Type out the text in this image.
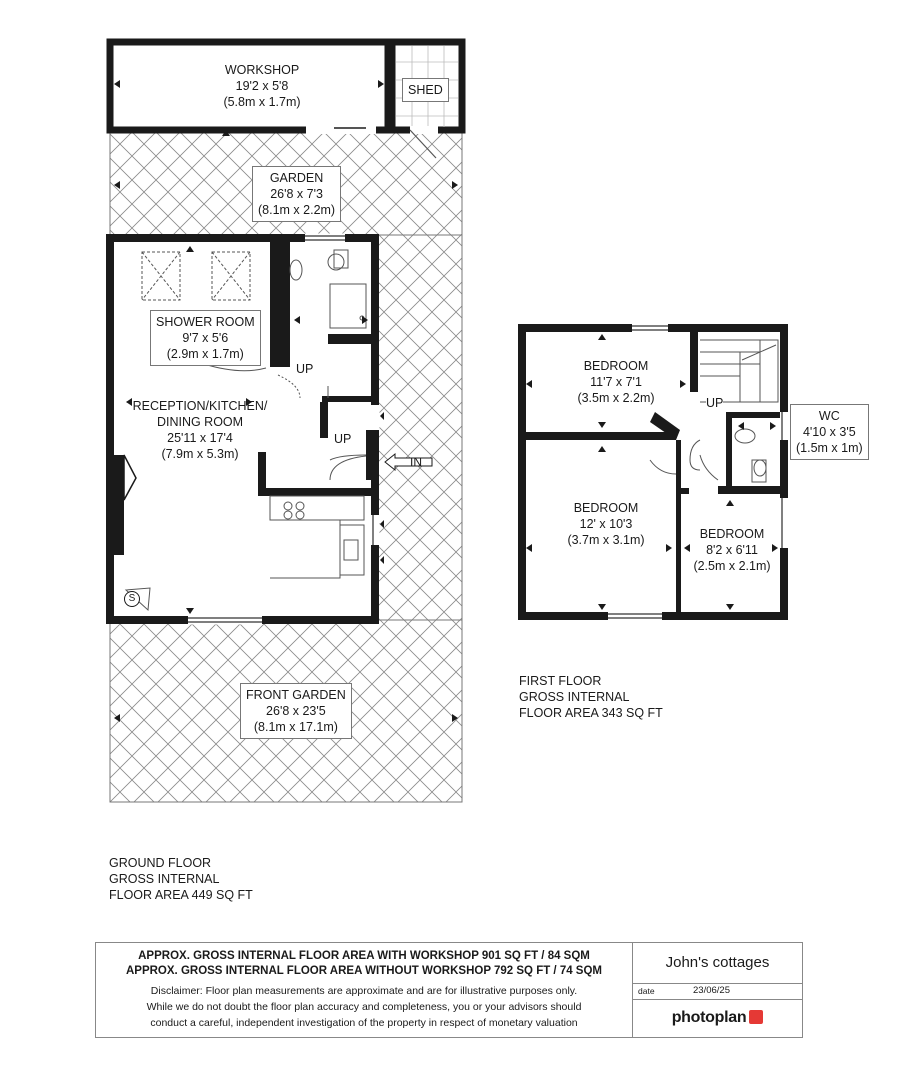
WORKSHOP
19'2 x 5'8
(5.8m x 1.7m)
SHED
GARDEN
26'8 x 7'3
(8.1m x 2.2m)
SHOWER ROOM
9'7 x 5'6
(2.9m x 1.7m)
RECEPTION/KITCHEN/
DINING ROOM
25'11 x 17'4
(7.9m x 5.3m)
FRONT GARDEN
26'8 x 23'5
(8.1m x 17.1m)
BEDROOM
11'7 x 7'1
(3.5m x 2.2m)
BEDROOM
12' x 10'3
(3.7m x 3.1m)	BEDROOM
8'2 x 6'11
(2.5m x 2.1m)
WC
4'10 x 3'5
(1.5m x 1m)
UP
UP
UP
IN
S
GROUND FLOOR
GROSS INTERNAL
FLOOR AREA 449 SQ FT
FIRST FLOOR
GROSS INTERNAL
FLOOR AREA 343 SQ FT
APPROX. GROSS INTERNAL FLOOR AREA WITH WORKSHOP 901 SQ FT / 84 SQM
APPROX. GROSS INTERNAL FLOOR AREA WITHOUT WORKSHOP 792 SQ FT / 74 SQM
Disclaimer: Floor plan measurements are approximate and are for illustrative purposes only.
While we do not doubt the floor plan accuracy and completeness, you or your advisors should
conduct a careful, independent investigation of the property in respect of monetary valuation
John's cottages
date	23/06/25
photoplan
